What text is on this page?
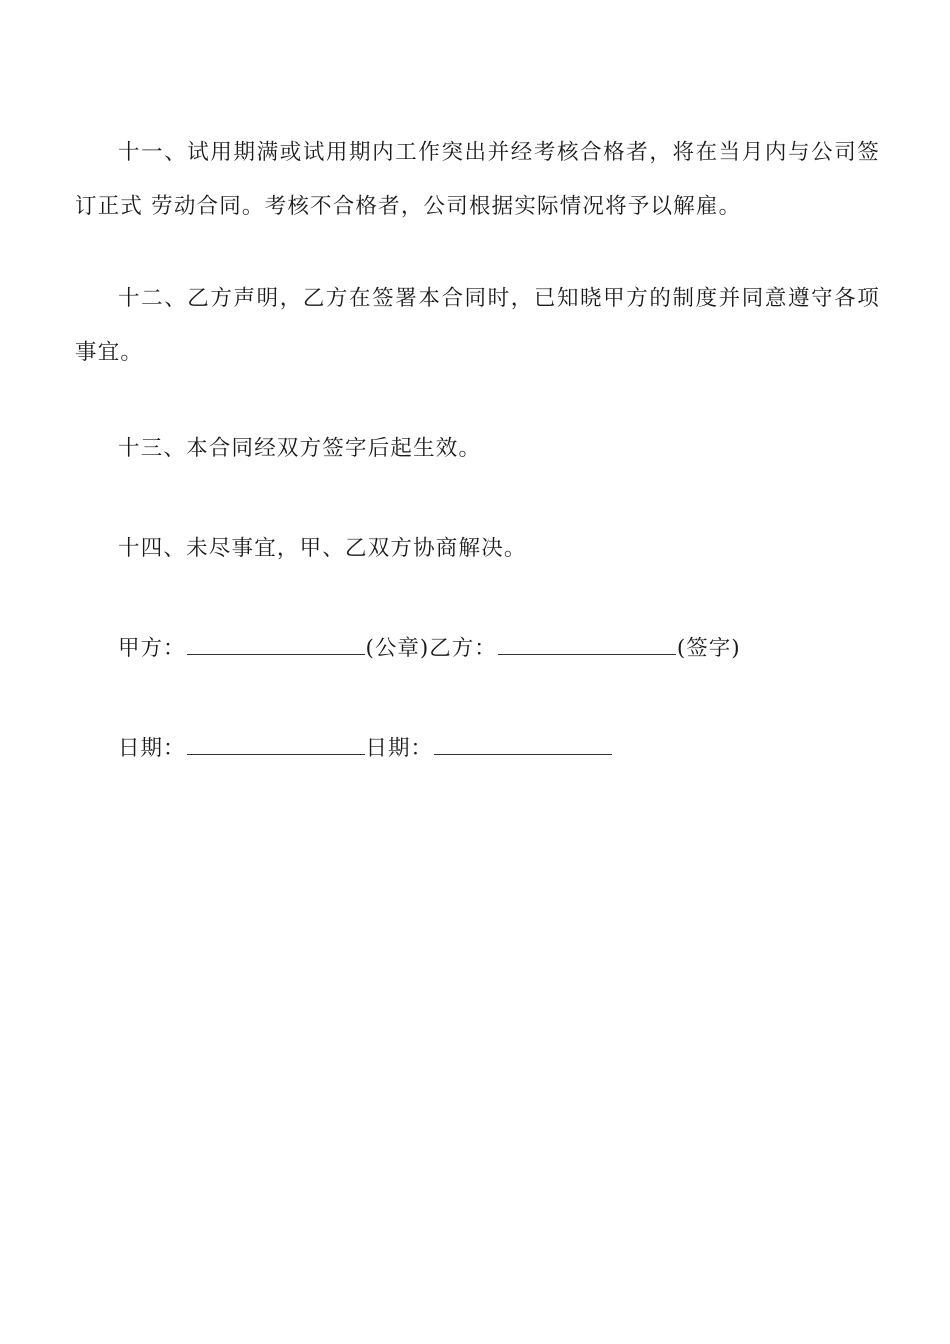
十一、试用期满或试用期内工作突出并经考核合格者，将在当月内与公司签订正式 劳动合同。考核不合格者，公司根据实际情况将予以解雇。

十二、乙方声明，乙方在签署本合同时，已知晓甲方的制度并同意遵守各项事宜。

十三、本合同经双方签字后起生效。

十四、未尽事宜，甲、乙双方协商解决。

甲方：	(公章)乙方：	(签字)
日期：	日期：
